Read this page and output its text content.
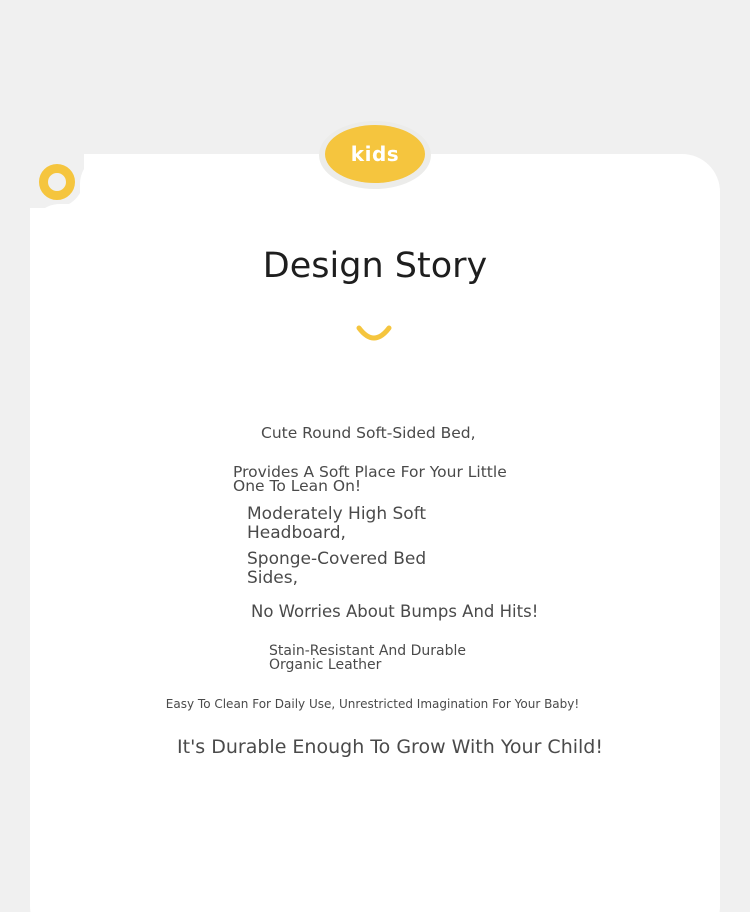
kids
Design Story
Cute Round Soft-Sided Bed,
Provides A Soft Place For Your Little One To Lean On!
Moderately High Soft Headboard,
Sponge-Covered Bed Sides,
No Worries About Bumps And Hits!
Stain-Resistant And Durable Organic Leather
Easy To Clean For Daily Use, Unrestricted Imagination For Your Baby!
It's Durable Enough To Grow With Your Child!
